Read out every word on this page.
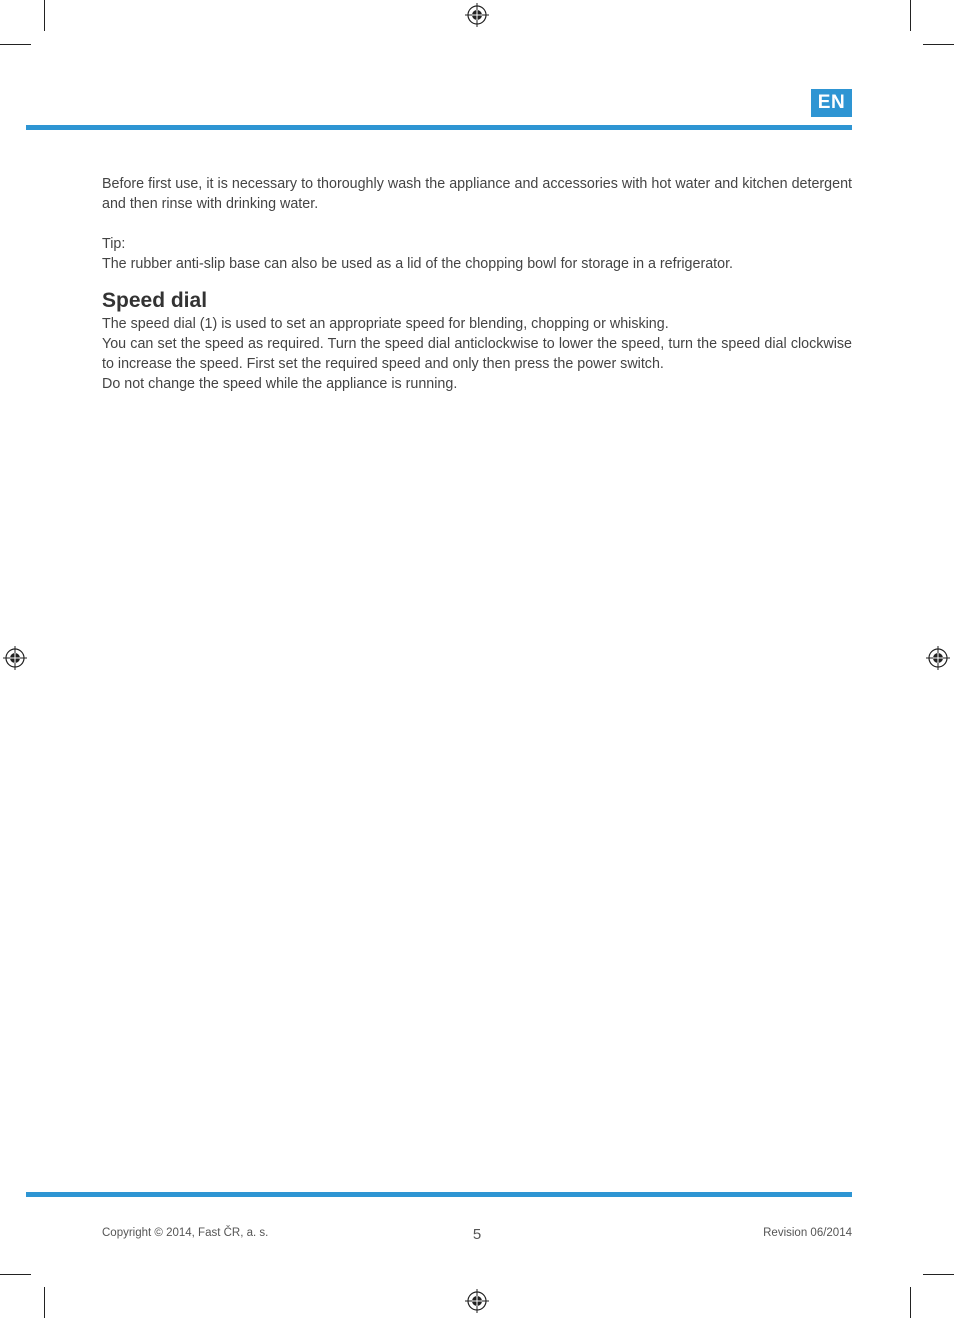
EN

Before first use, it is necessary to thoroughly wash the appliance and accessories with hot water and kitchen detergent and then rinse with drinking water.

Tip:

The rubber anti-slip base can also be used as a lid of the chopping bowl for storage in a refrigerator.

Speed dial

The speed dial (1) is used to set an appropriate speed for blending, chopping or whisking.

You can set the speed as required. Turn the speed dial anticlockwise to lower the speed, turn the speed dial clockwise to increase the speed. First set the required speed and only then press the power switch.

Do not change the speed while the appliance is running.

Copyright © 2014, Fast ČR, a. s.	5	Revision 06/2014
